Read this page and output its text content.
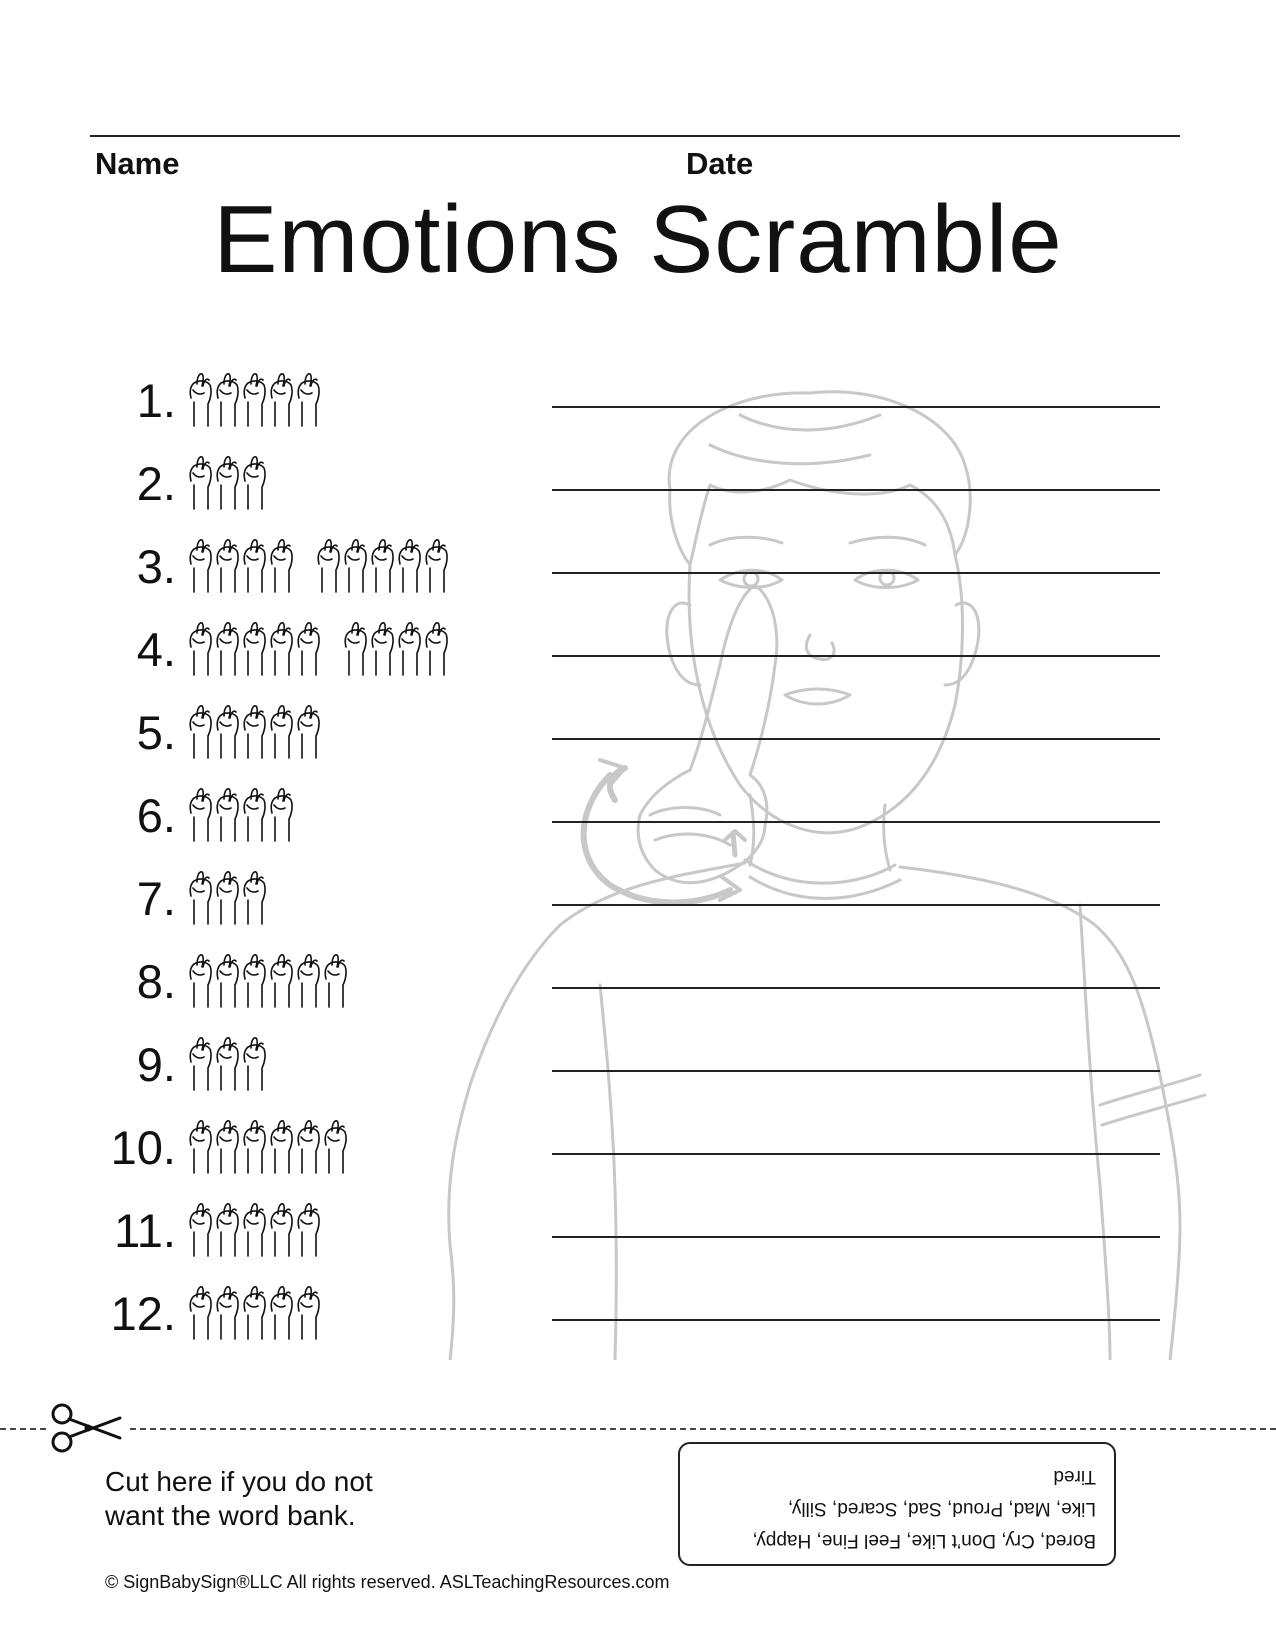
Name	Date
Emotions Scramble
1.
2.
3.
4.
5.
6.
7.
8.
9.
10.
11.
12.
Cut here if you do not
want the word bank.
Bored, Cry, Don’t Like, Feel Fine, Happy,
Like, Mad, Proud, Sad, Scared, Silly,
Tired
© SignBabySign®LLC All rights reserved. ASLTeachingResources.com
